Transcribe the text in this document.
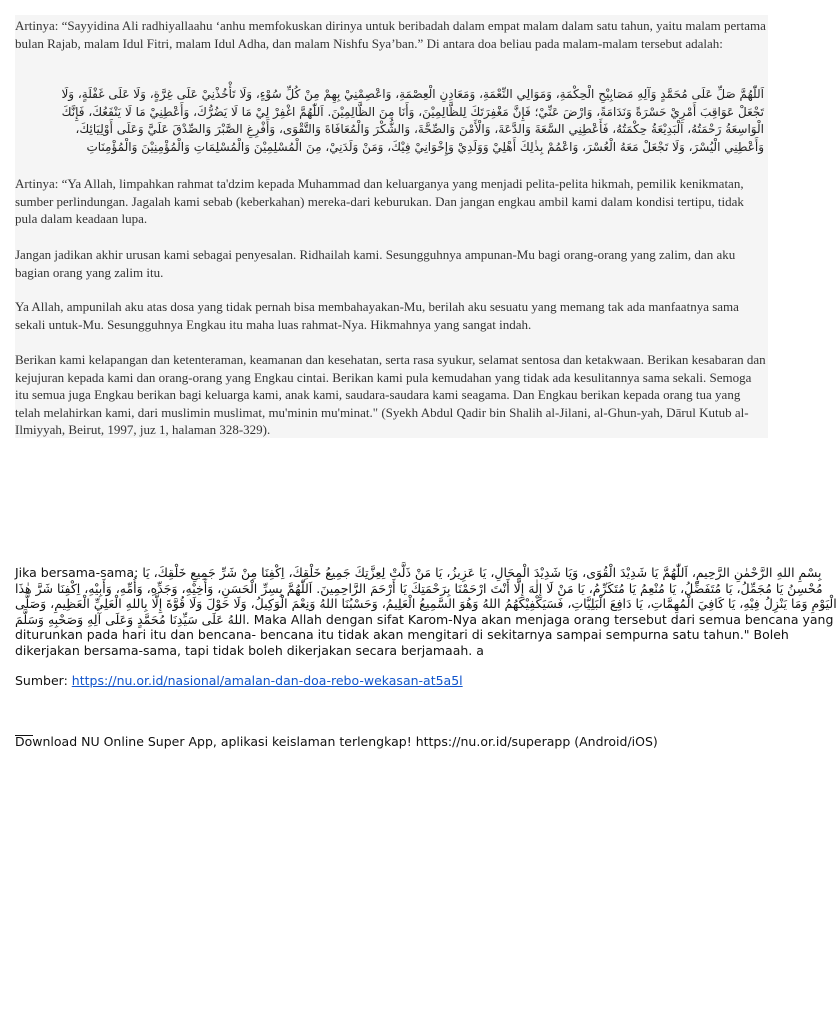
Artinya: “Sayyidina Ali radhiyallaahu ‘anhu memfokuskan dirinya untuk beribadah dalam empat malam dalam satu tahun, yaitu malam pertama bulan Rajab, malam Idul Fitri, malam Idul Adha, dan malam Nishfu Sya’ban.” Di antara doa beliau pada malam-malam tersebut adalah:

اَللّٰهُمَّ صَلِّ عَلَى مُحَمَّدٍ وَآلِهِ مَصَابِيْحِ الْحِكْمَةِ، وَمَوَالِي النِّعْمَةِ، وَمَعَادِنِ الْعِصْمَةِ، وَاعْصِمْنِيْ بِهِمْ مِنْ كُلِّ سُوْءٍ، وَلَا تَأْخُذْنِيْ عَلَى غِرَّةٍ، وَلَا عَلَى غَفْلَةٍ، وَلَا
تَجْعَلْ عَوَاقِبَ أَمْرِيْ حَسْرَةً وَنَدَامَةً، وَارْضَ عَنِّيْ؛ فَإِنَّ مَغْفِرَتَكَ لِلظَّالِمِيْنَ، وَأَنَا مِنَ الظَّالِمِيْنَ. اَللّٰهُمَّ اغْفِرْ لِيْ مَا لَا يَضُرُّكَ، وَأَعْطِنِيْ مَا لَا يَنْفَعُكَ، فَإِنَّكَ
الْوَاسِعَةُ رَحْمَتُهُ، اَلْبَدِيْعَةُ حِكْمَتُهُ، فَأَعْطِنِي السَّعَةَ وَالدَّعَةَ، وَالْأَمْنَ وَالصِّحَّةَ، وَالشُّكْرَ وَالْمُعَافَاةَ وَالتَّقْوَى، وَأَفْرِغِ الصَّبْرَ وَالصِّدْقَ عَلَيَّ وَعَلَى أَوْلِيَائِكَ،
وَأَعْطِنِي الْيُسْرَ، وَلَا تَجْعَلْ مَعَهُ الْعُسْرَ، وَاعْمُمْ بِذٰلِكَ أَهْلِيْ وَوَلَدِيْ وَإِخْوَانِيْ فِيْكَ، وَمَنْ وَلَدَنِيْ، مِنَ الْمُسْلِمِيْنَ وَالْمُسْلِمَاتِ وَالْمُؤْمِنِيْنَ وَالْمُؤْمِنَاتِ

Artinya: “Ya Allah, limpahkan rahmat ta'dzim kepada Muhammad dan keluarganya yang menjadi pelita-pelita hikmah, pemilik kenikmatan, sumber perlindungan. Jagalah kami sebab (keberkahan) mereka-dari keburukan. Dan jangan engkau ambil kami dalam kondisi tertipu, tidak pula dalam keadaan lupa.

Jangan jadikan akhir urusan kami sebagai penyesalan. Ridhailah kami. Sesungguhnya ampunan-Mu bagi orang-orang yang zalim, dan aku bagian orang yang zalim itu.

Ya Allah, ampunilah aku atas dosa yang tidak pernah bisa membahayakan-Mu, berilah aku sesuatu yang memang tak ada manfaatnya sama sekali untuk-Mu. Sesungguhnya Engkau itu maha luas rahmat-Nya. Hikmahnya yang sangat indah.

Berikan kami kelapangan dan ketenteraman, keamanan dan kesehatan, serta rasa syukur, selamat sentosa dan ketakwaan. Berikan kesabaran dan kejujuran kepada kami dan orang-orang yang Engkau cintai. Berikan kami pula kemudahan yang tidak ada kesulitannya sama sekali. Semoga itu semua juga Engkau berikan bagi keluarga kami, anak kami, saudara-saudara kami seagama. Dan Engkau berikan kepada orang tua yang telah melahirkan kami, dari muslimin muslimat, mu'minin mu'minat." (Syekh Abdul Qadir bin Shalih al-Jilani, al-Ghun-yah, Dārul Kutub al-Ilmiyyah, Beirut, 1997, juz 1, halaman 328-329).

Jika bersama-sama: بِسْمِ اللهِ الرَّحْمٰنِ الرَّحِيمِ، اَللّٰهُمَّ يَا شَدِيْدَ الْقُوَى، وَيَا شَدِيْدَ الْمِحَالِ، يَا عَزِيزُ، يَا مَنْ ذَلَّتْ لِعِزَّتِكَ جَمِيعُ خَلْقِكَ، اِكْفِنَا مِنْ شَرِّ جَمِيعِ خَلْقِكَ، يَا
مُحْسِنُ يَا مُجَمِّلُ، يَا مُتَفَضِّلُ، يَا مُنْعِمُ يَا مُتَكَرِّمُ، يَا مَنْ لَا إِلٰهَ إِلَّا أَنْتَ ارْحَمْنَا بِرَحْمَتِكَ يَا أَرْحَمَ الرَّاحِمِينَ. اَللّٰهُمَّ بِسِرِّ الْحَسَنِ، وَأَخِيْهِ، وَجَدِّهِ، وَأُمِّهِ، وَأَبِيْهِ، اِكْفِنَا شَرَّ هٰذَا
الْيَوْمِ وَمَا يَنْزِلُ فِيْهِ، يَا كَافِيَ الْمُهِمَّاتِ، يَا دَافِعَ الْبَلِيَّاتِ، فَسَيَكْفِيْكَهُمُ اللهُ وَهُوَ السَّمِيعُ الْعَلِيمُ، وَحَسْبُنَا اللهُ وَنِعْمَ الْوَكِيلُ، وَلَا حَوْلَ وَلَا قُوَّةَ إِلَّا بِاللهِ الْعَلِيِّ الْعَظِيمِ، وَصَلَّى
اللهُ عَلَى سَيِّدِنَا مُحَمَّدٍ وَعَلَى آلِهِ وَصَحْبِهِ وَسَلَّمَ. Maka Allah dengan sifat Karom-Nya akan menjaga orang tersebut dari semua bencana yang
diturunkan pada hari itu dan bencana- bencana itu tidak akan mengitari di sekitarnya sampai sempurna satu tahun." Boleh
dikerjakan bersama-sama, tapi tidak boleh dikerjakan secara berjamaah. a
Sumber: https://nu.or.id/nasional/amalan-dan-doa-rebo-wekasan-at5a5l
Download NU Online Super App, aplikasi keislaman terlengkap! https://nu.or.id/superapp (Android/iOS)
